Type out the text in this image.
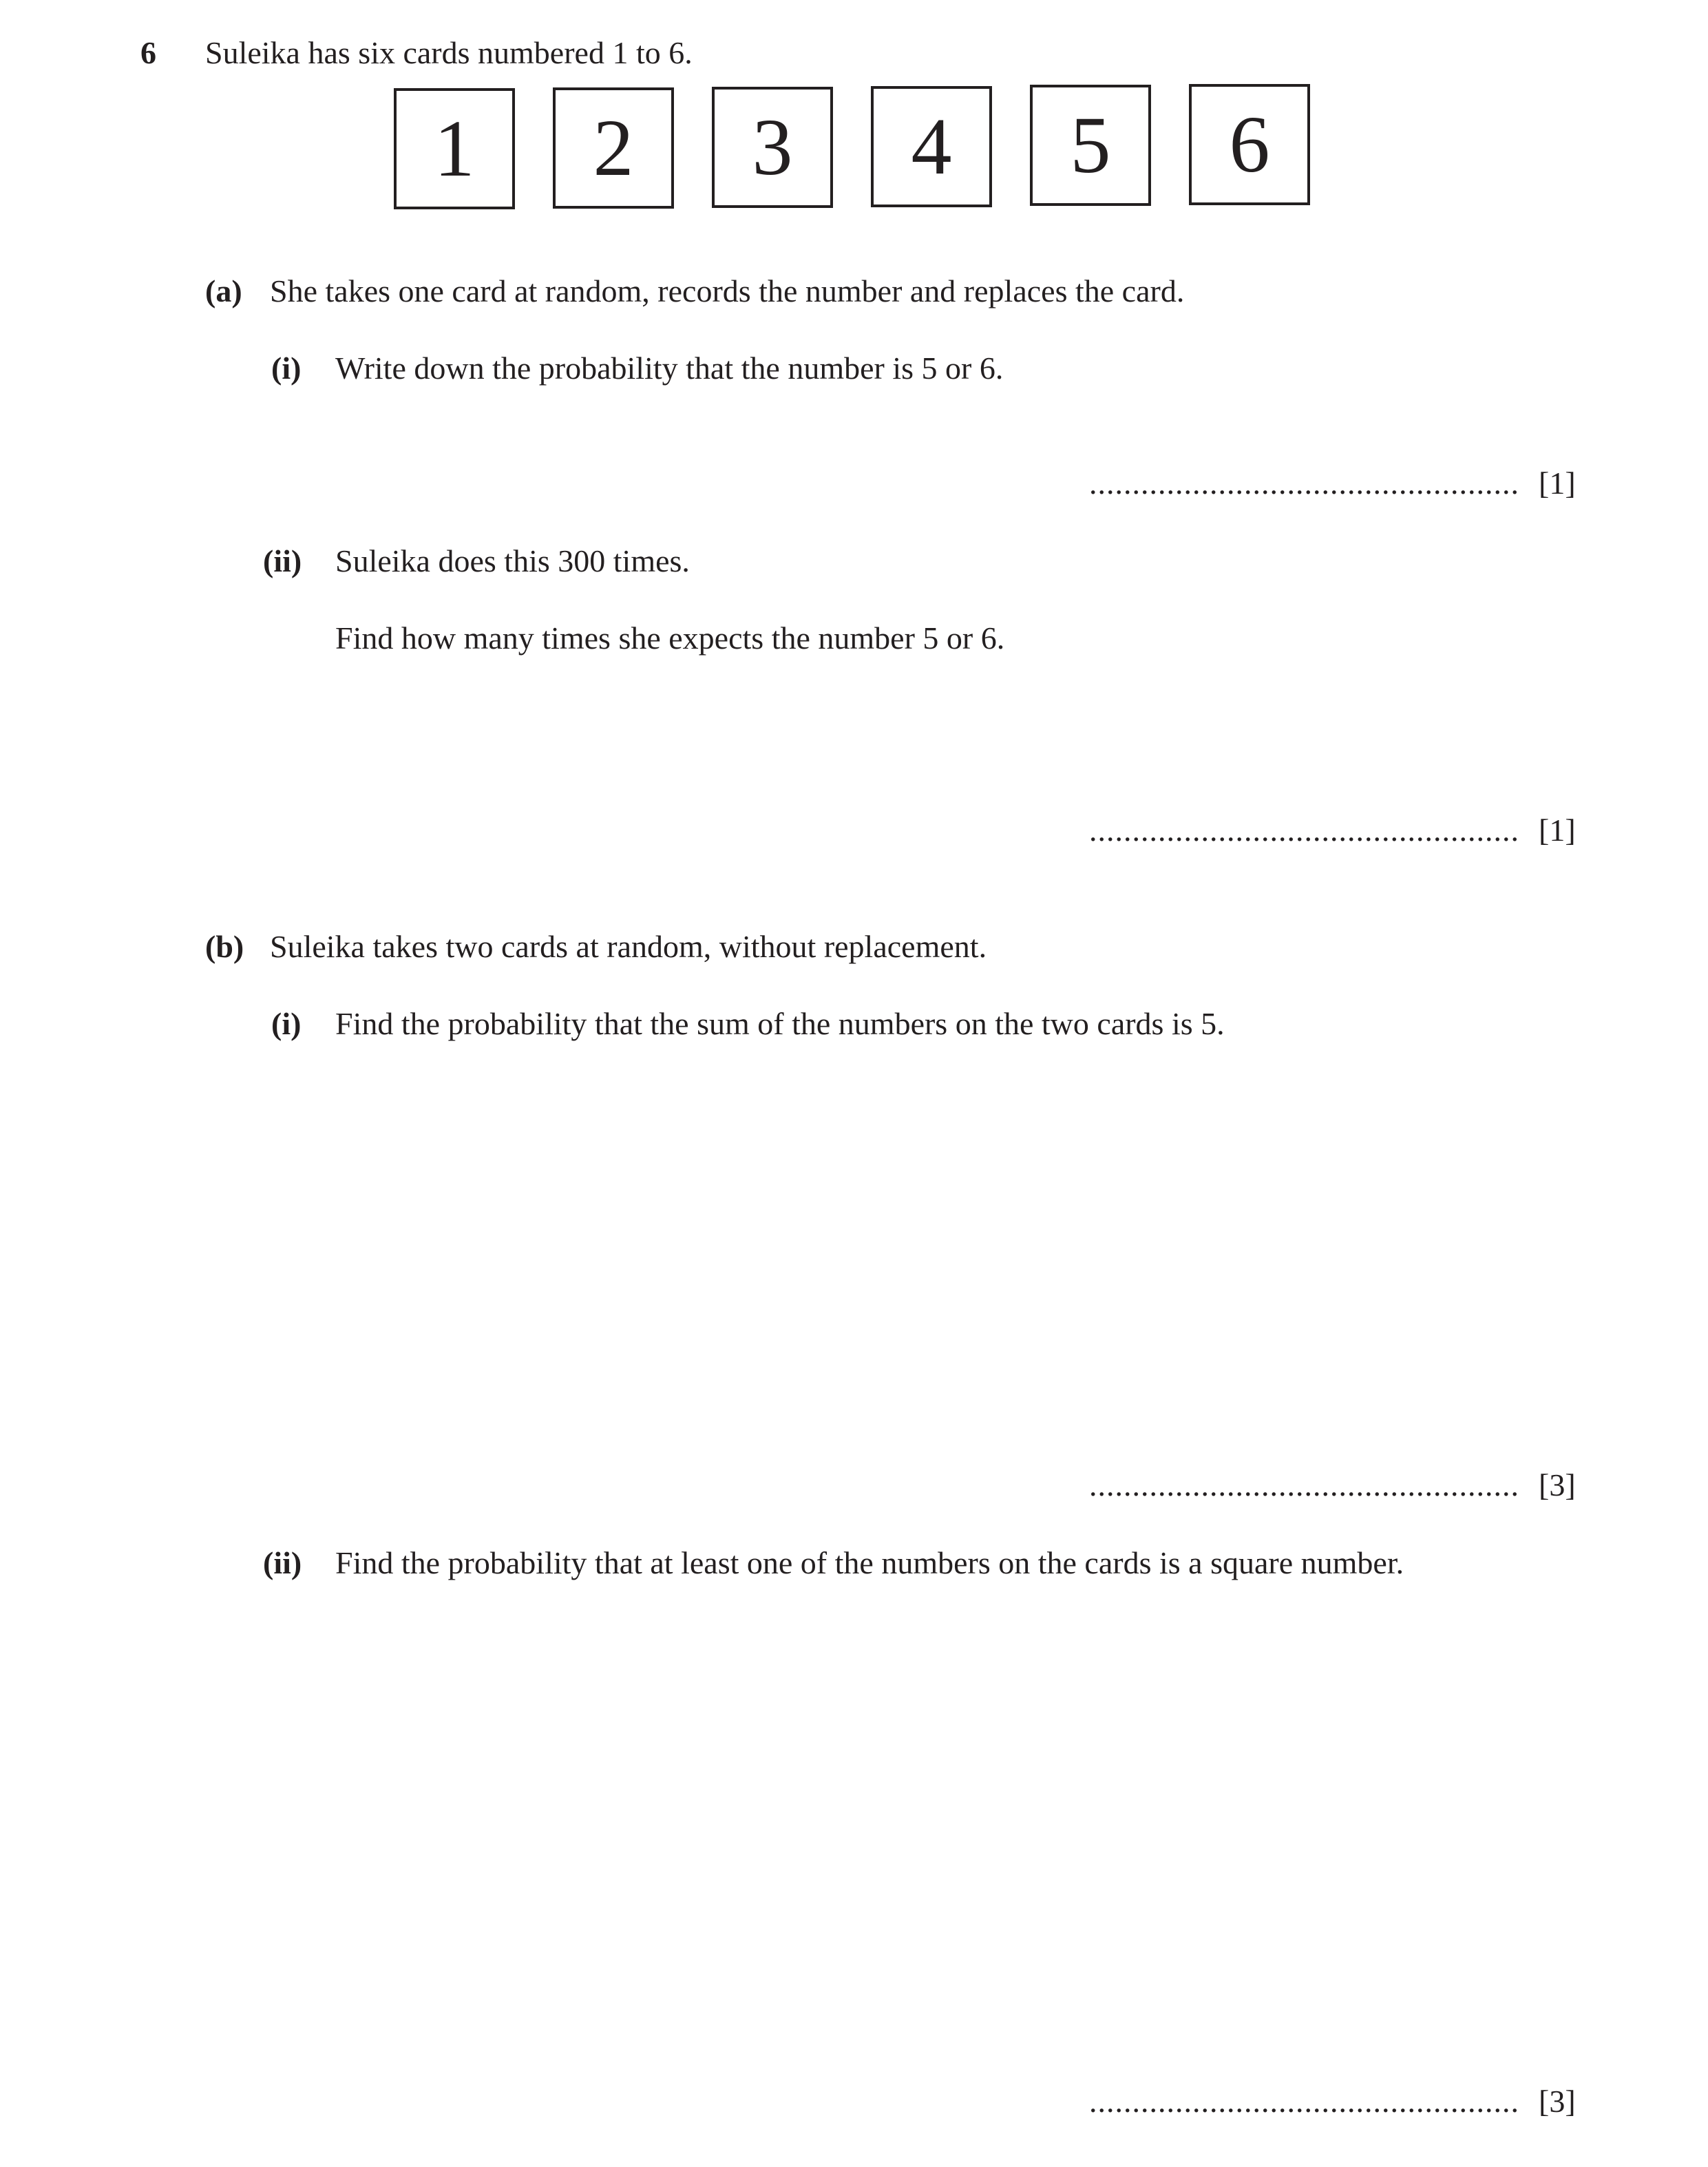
6 Suleika has six cards numbered 1 to 6.
1	2	3	4	5	6
(a) She takes one card at random, records the number and replaces the card.
(i) Write down the probability that the number is 5 or 6.
.................................................. [1]
(ii) Suleika does this 300 times.
Find how many times she expects the number 5 or 6.
.................................................. [1]
(b) Suleika takes two cards at random, without replacement.
(i) Find the probability that the sum of the numbers on the two cards is 5.
.................................................. [3]
(ii) Find the probability that at least one of the numbers on the cards is a square number.
.................................................. [3]
